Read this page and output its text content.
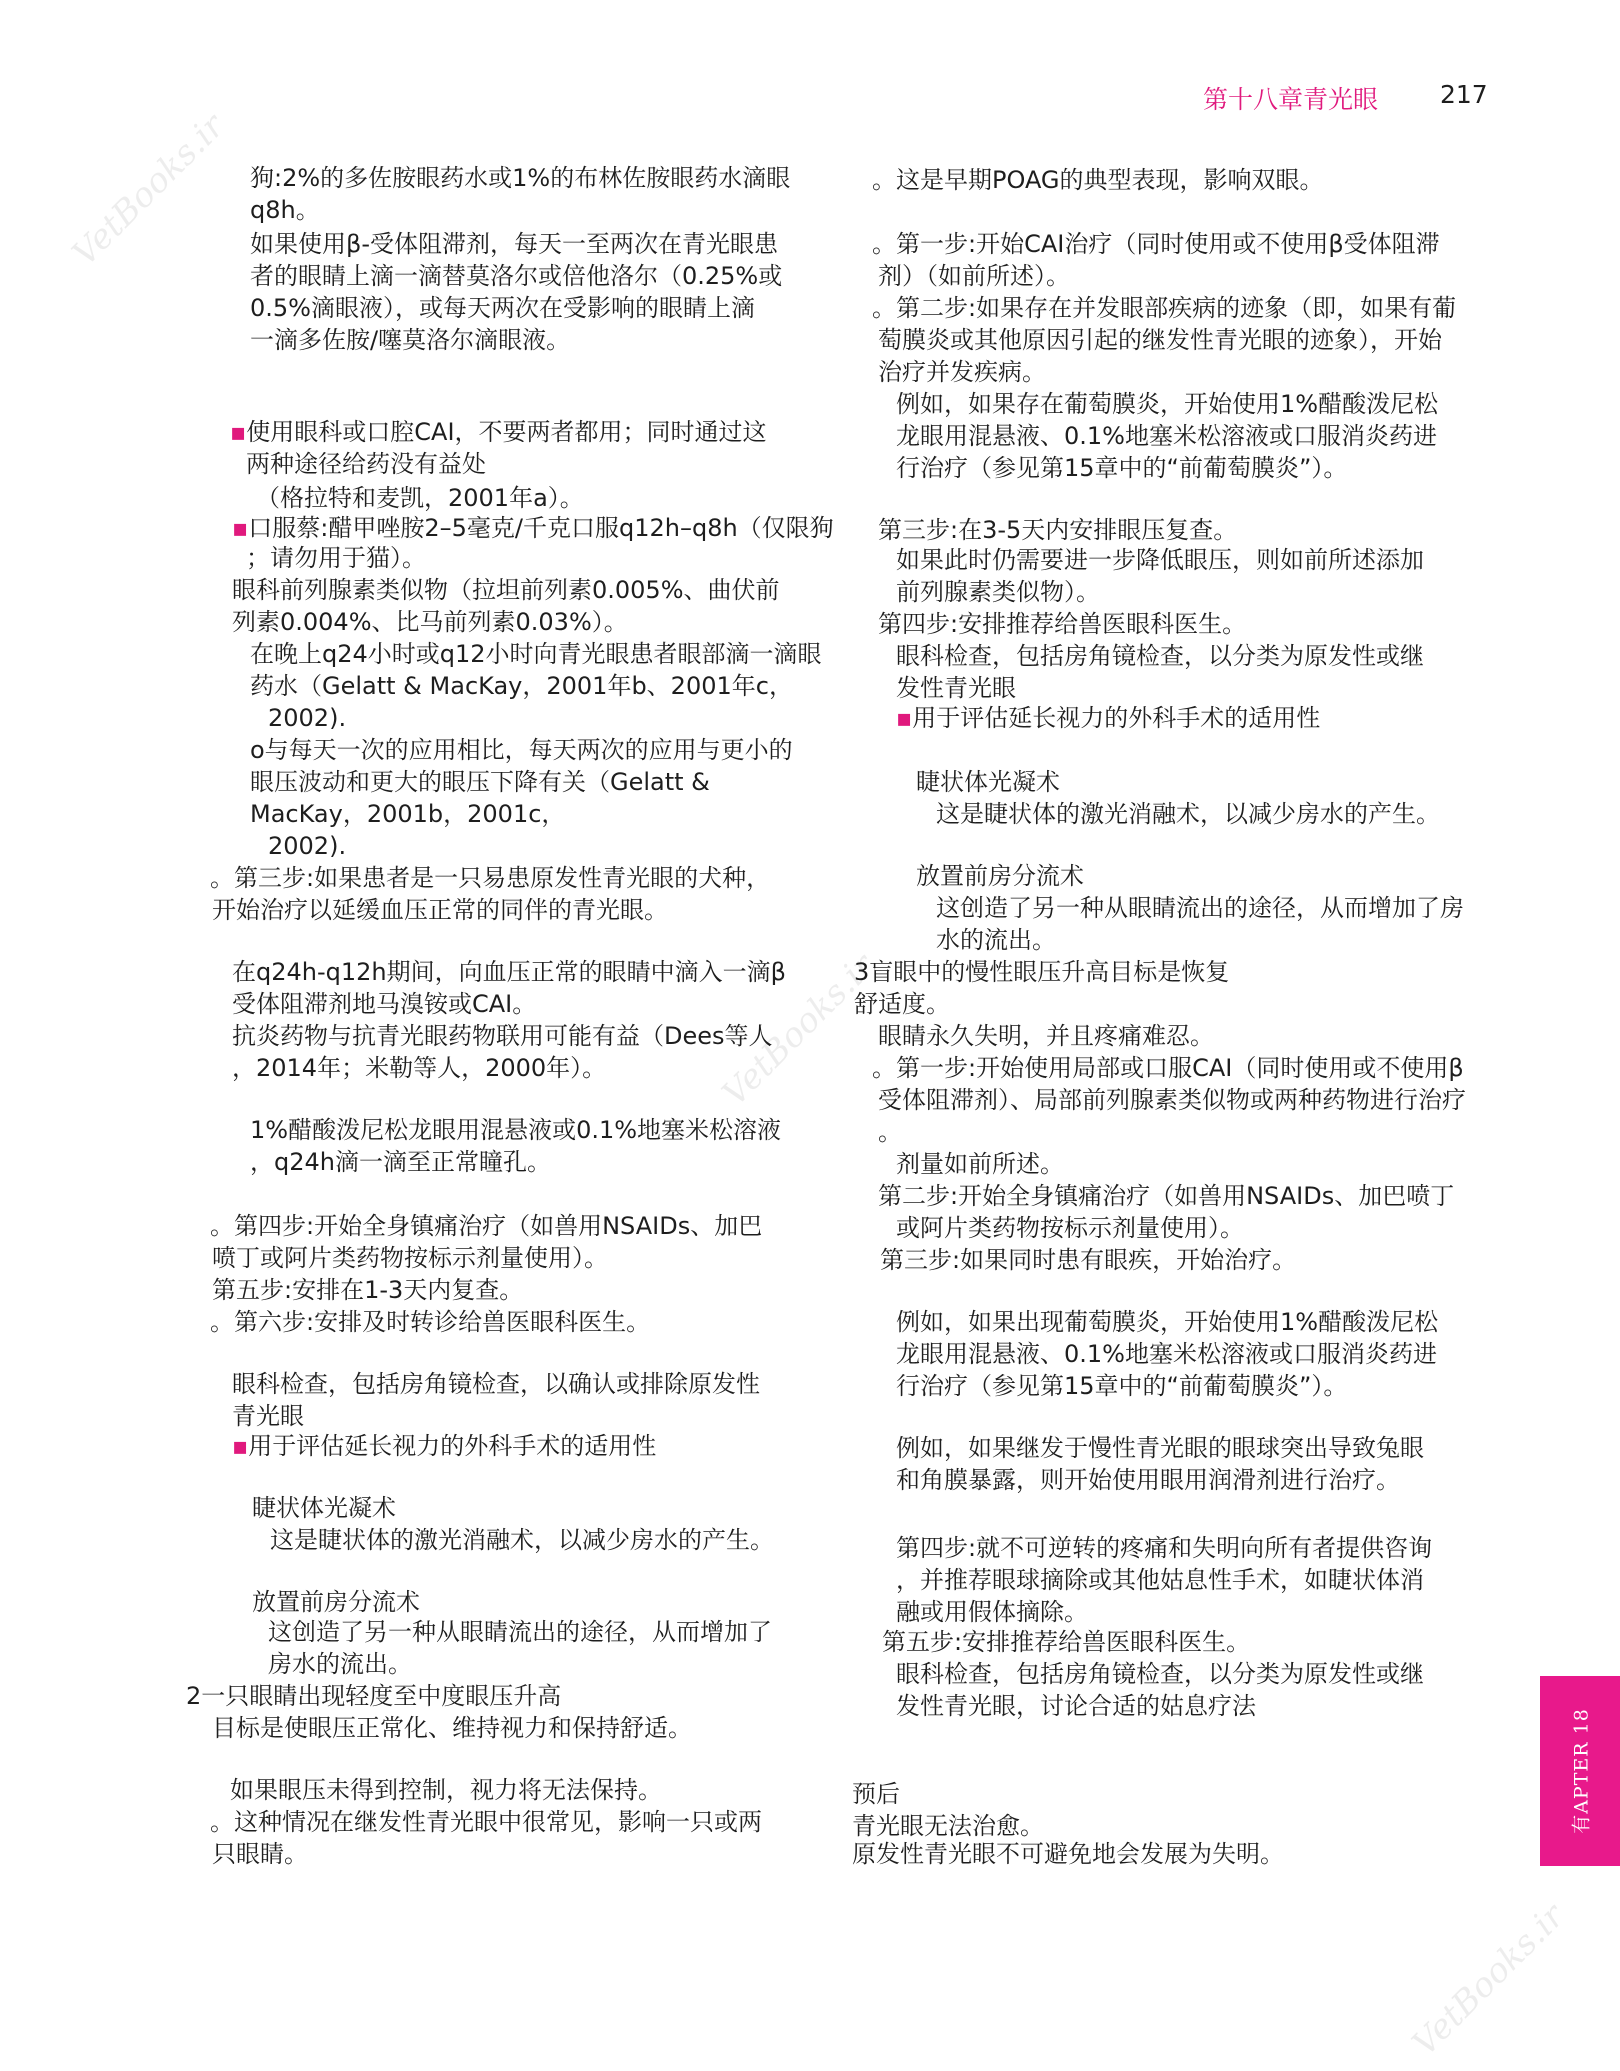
第十八章青光眼 217
VetBooks.ir
VetBooks.ir
VetBooks.ir
狗:2%的多佐胺眼药水或1%的布林佐胺眼药水滴眼
q8h。
如果使用β-受体阻滞剂，每天一至两次在青光眼患
者的眼睛上滴一滴替莫洛尔或倍他洛尔（0.25%或
0.5%滴眼液），或每天两次在受影响的眼睛上滴
一滴多佐胺/噻莫洛尔滴眼液。
▪使用眼科或口腔CAI，不要两者都用；同时通过这
两种途径给药没有益处
（格拉特和麦凯，2001年a）。
▪口服蔡:醋甲唑胺2–5毫克/千克口服q12h–q8h（仅限狗
；请勿用于猫）。
眼科前列腺素类似物（拉坦前列素0.005%、曲伏前
列素0.004%、比马前列素0.03%）。
在晚上q24小时或q12小时向青光眼患者眼部滴一滴眼
药水（Gelatt & MacKay，2001年b、2001年c，
2002).
o与每天一次的应用相比，每天两次的应用与更小的
眼压波动和更大的眼压下降有关（Gelatt &
MacKay，2001b，2001c，
2002).
。第三步:如果患者是一只易患原发性青光眼的犬种，
开始治疗以延缓血压正常的同伴的青光眼。
在q24h-q12h期间，向血压正常的眼睛中滴入一滴β
受体阻滞剂地马溴铵或CAI。
抗炎药物与抗青光眼药物联用可能有益（Dees等人
，2014年；米勒等人，2000年）。
1%醋酸泼尼松龙眼用混悬液或0.1%地塞米松溶液
，q24h滴一滴至正常瞳孔。
。第四步:开始全身镇痛治疗（如兽用NSAIDs、加巴
喷丁或阿片类药物按标示剂量使用）。
第五步:安排在1-3天内复查。
。第六步:安排及时转诊给兽医眼科医生。
眼科检查，包括房角镜检查，以确认或排除原发性
青光眼
▪用于评估延长视力的外科手术的适用性
睫状体光凝术
这是睫状体的激光消融术，以减少房水的产生。
放置前房分流术
这创造了另一种从眼睛流出的途径，从而增加了
房水的流出。
2一只眼睛出现轻度至中度眼压升高
目标是使眼压正常化、维持视力和保持舒适。
如果眼压未得到控制，视力将无法保持。
。这种情况在继发性青光眼中很常见，影响一只或两
只眼睛。
。这是早期POAG的典型表现，影响双眼。
。第一步:开始CAI治疗（同时使用或不使用β受体阻滞
剂）（如前所述）。
。第二步:如果存在并发眼部疾病的迹象（即，如果有葡
萄膜炎或其他原因引起的继发性青光眼的迹象），开始
治疗并发疾病。
例如，如果存在葡萄膜炎，开始使用1%醋酸泼尼松
龙眼用混悬液、0.1%地塞米松溶液或口服消炎药进
行治疗（参见第15章中的“前葡萄膜炎”）。
第三步:在3-5天内安排眼压复查。
如果此时仍需要进一步降低眼压，则如前所述添加
前列腺素类似物）。
第四步:安排推荐给兽医眼科医生。
眼科检查，包括房角镜检查，以分类为原发性或继
发性青光眼
▪用于评估延长视力的外科手术的适用性
睫状体光凝术
这是睫状体的激光消融术，以减少房水的产生。
放置前房分流术
这创造了另一种从眼睛流出的途径，从而增加了房
水的流出。
3盲眼中的慢性眼压升高目标是恢复
舒适度。
眼睛永久失明，并且疼痛难忍。
。第一步:开始使用局部或口服CAI（同时使用或不使用β
受体阻滞剂）、局部前列腺素类似物或两种药物进行治疗
。
剂量如前所述。
第二步:开始全身镇痛治疗（如兽用NSAIDs、加巴喷丁
或阿片类药物按标示剂量使用）。
第三步:如果同时患有眼疾，开始治疗。
例如，如果出现葡萄膜炎，开始使用1%醋酸泼尼松
龙眼用混悬液、0.1%地塞米松溶液或口服消炎药进
行治疗（参见第15章中的“前葡萄膜炎”）。
例如，如果继发于慢性青光眼的眼球突出导致兔眼
和角膜暴露，则开始使用眼用润滑剂进行治疗。
第四步:就不可逆转的疼痛和失明向所有者提供咨询
，并推荐眼球摘除或其他姑息性手术，如睫状体消
融或用假体摘除。
第五步:安排推荐给兽医眼科医生。
眼科检查，包括房角镜检查，以分类为原发性或继
发性青光眼，讨论合适的姑息疗法
预后
青光眼无法治愈。
原发性青光眼不可避免地会发展为失明。
有APTER 18
